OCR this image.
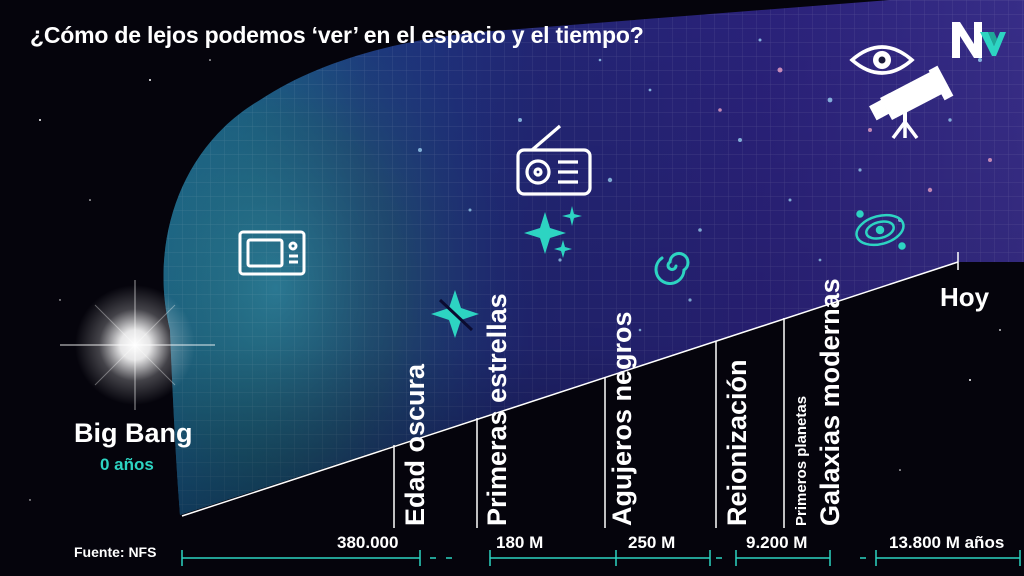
¿Cómo de lejos podemos ‘ver’ en el espacio y el tiempo?
Big Bang
0 años
Hoy
Edad oscura Primeras estrellas	Agujeros negros	Reionización	Primeros planetas Galaxias modernas
380.000	180 M	250 M	9.200 M	13.800 M años
Fuente: NFS
